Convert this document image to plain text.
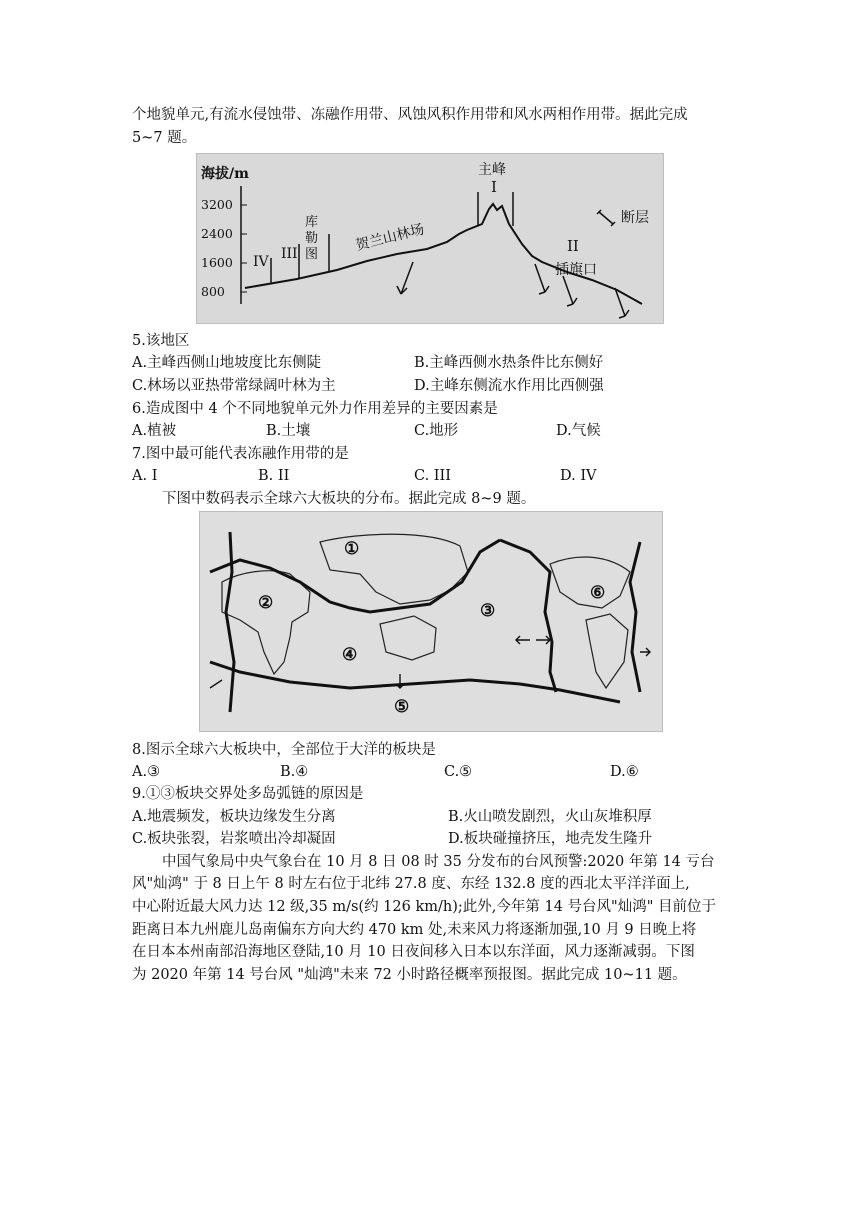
个地貌单元,有流水侵蚀带、冻融作用带、风蚀风积作用带和风水两相作用带。据此完成
5~7 题。
海拔/m
3200
2400
1600
800
IV III
库
勒
图
贺兰山林场
主峰
I
II
插旗口
断层
5.该地区
A.主峰西侧山地坡度比东侧陡	B.主峰西侧水热条件比东侧好
C.林场以亚热带常绿阔叶林为主	D.主峰东侧流水作用比西侧强
6.造成图中 4 个不同地貌单元外力作用差异的主要因素是
A.植被	B.土壤	C.地形	D.气候
7.图中最可能代表冻融作用带的是
A. I	B. II	C. III	D. IV
下图中数码表示全球六大板块的分布。据此完成 8~9 题。
①
②	③
④
⑤
⑥
8.图示全球六大板块中，全部位于大洋的板块是
A.③	B.④	C.⑤	D.⑥
9.①③板块交界处多岛弧链的原因是
A.地震频发，板块边缘发生分离	B.火山喷发剧烈，火山灰堆积厚
C.板块张裂，岩浆喷出冷却凝固	D.板块碰撞挤压，地壳发生隆升
中国气象局中央气象台在 10 月 8 日 08 时 35 分发布的台风预警:2020 年第 14 亏台
风"灿鸿" 于 8 日上午 8 时左右位于北纬 27.8 度、东经 132.8 度的西北太平洋洋面上,
中心附近最大风力达 12 级,35 m/s(约 126 km/h);此外,今年第 14 号台风"灿鸿" 目前位于
距离日本九州鹿儿岛南偏东方向大约 470 km 处,未来风力将逐渐加强,10 月 9 日晚上将
在日本本州南部沿海地区登陆,10 月 10 日夜间移入日本以东洋面，风力逐渐减弱。下图
为 2020 年第 14 号台风 "灿鸿"未来 72 小时路径概率预报图。据此完成 10~11 题。
